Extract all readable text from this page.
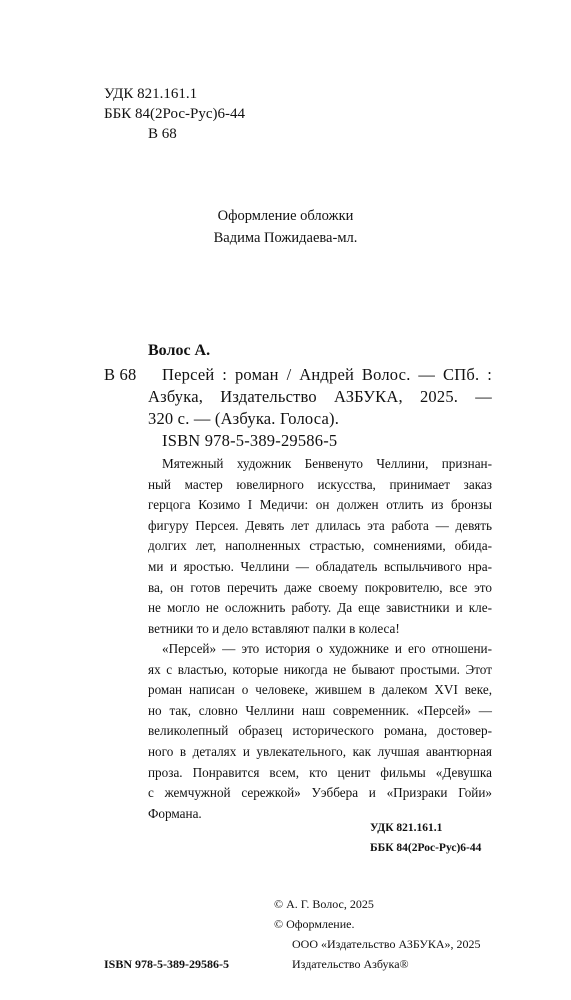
УДК 821.161.1
ББК 84(2Рос-Рус)6-44
В 68
Оформление обложки
Вадима Пожидаева-мл.
Волос А.
В 68 Персей : роман / Андрей Волос. — СПб. :
Азбука, Издательство АЗБУКА, 2025. —
320 с. — (Азбука. Голоса).
ISBN 978-5-389-29586-5
Мятежный художник Бенвенуто Челлини, признан-
ный мастер ювелирного искусства, принимает заказ
герцога Козимо I Медичи: он должен отлить из бронзы
фигуру Персея. Девять лет длилась эта работа — девять
долгих лет, наполненных страстью, сомнениями, обида-
ми и яростью. Челлини — обладатель вспыльчивого нра-
ва, он готов перечить даже своему покровителю, все это
не могло не осложнить работу. Да еще завистники и кле-
ветники то и дело вставляют палки в колеса!
«Персей» — это история о художнике и его отношени-
ях с властью, которые никогда не бывают простыми. Этот
роман написан о человеке, жившем в далеком XVI веке,
но так, словно Челлини наш современник. «Персей» —
великолепный образец исторического романа, достовер-
ного в деталях и увлекательного, как лучшая авантюрная
проза. Понравится всем, кто ценит фильмы «Девушка
с жемчужной сережкой» Уэббера и «Призраки Гойи»
Формана.
УДК 821.161.1
ББК 84(2Рос-Рус)6-44
© А. Г. Волос, 2025
© Оформление.
ООО «Издательство АЗБУКА», 2025
Издательство Азбука®
ISBN 978-5-389-29586-5
